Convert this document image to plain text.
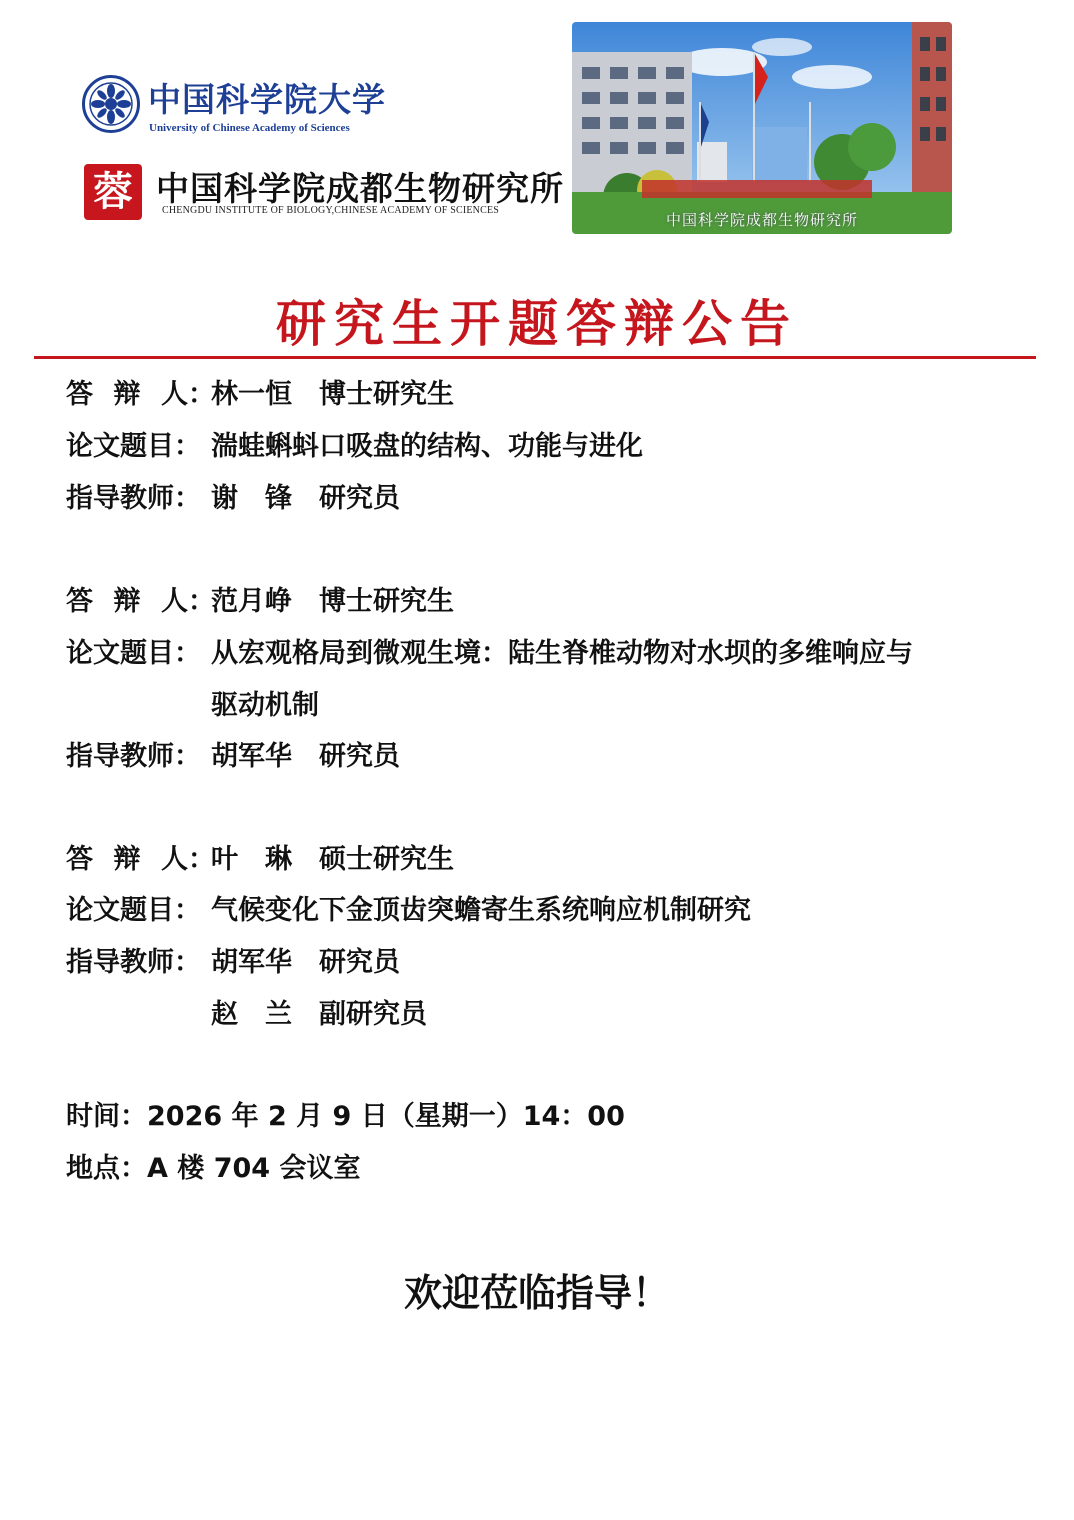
中国科学院大学
University of Chinese Academy of Sciences
蓉 中国科学院成都生物研究所
CHENGDU INSTITUTE OF BIOLOGY,CHINESE ACADEMY OF SCIENCES
中国科学院成都生物研究所
研究生开题答辩公告
答 辩 人 ：林一恒　博士研究生
论文题目： 湍蛙蝌蚪口吸盘的结构、功能与进化
指导教师： 谢　锋　研究员
答 辩 人 ：范月峥　博士研究生
论文题目： 从宏观格局到微观生境：陆生脊椎动物对水坝的多维响应与
驱动机制
指导教师： 胡军华　研究员
答 辩 人 ：叶　琳　硕士研究生
论文题目： 气候变化下金顶齿突蟾寄生系统响应机制研究
指导教师： 胡军华　研究员
赵　兰　副研究员
时间：2026 年 2 月 9 日（星期一）14：00
地点：A 楼 704 会议室
欢迎莅临指导！
